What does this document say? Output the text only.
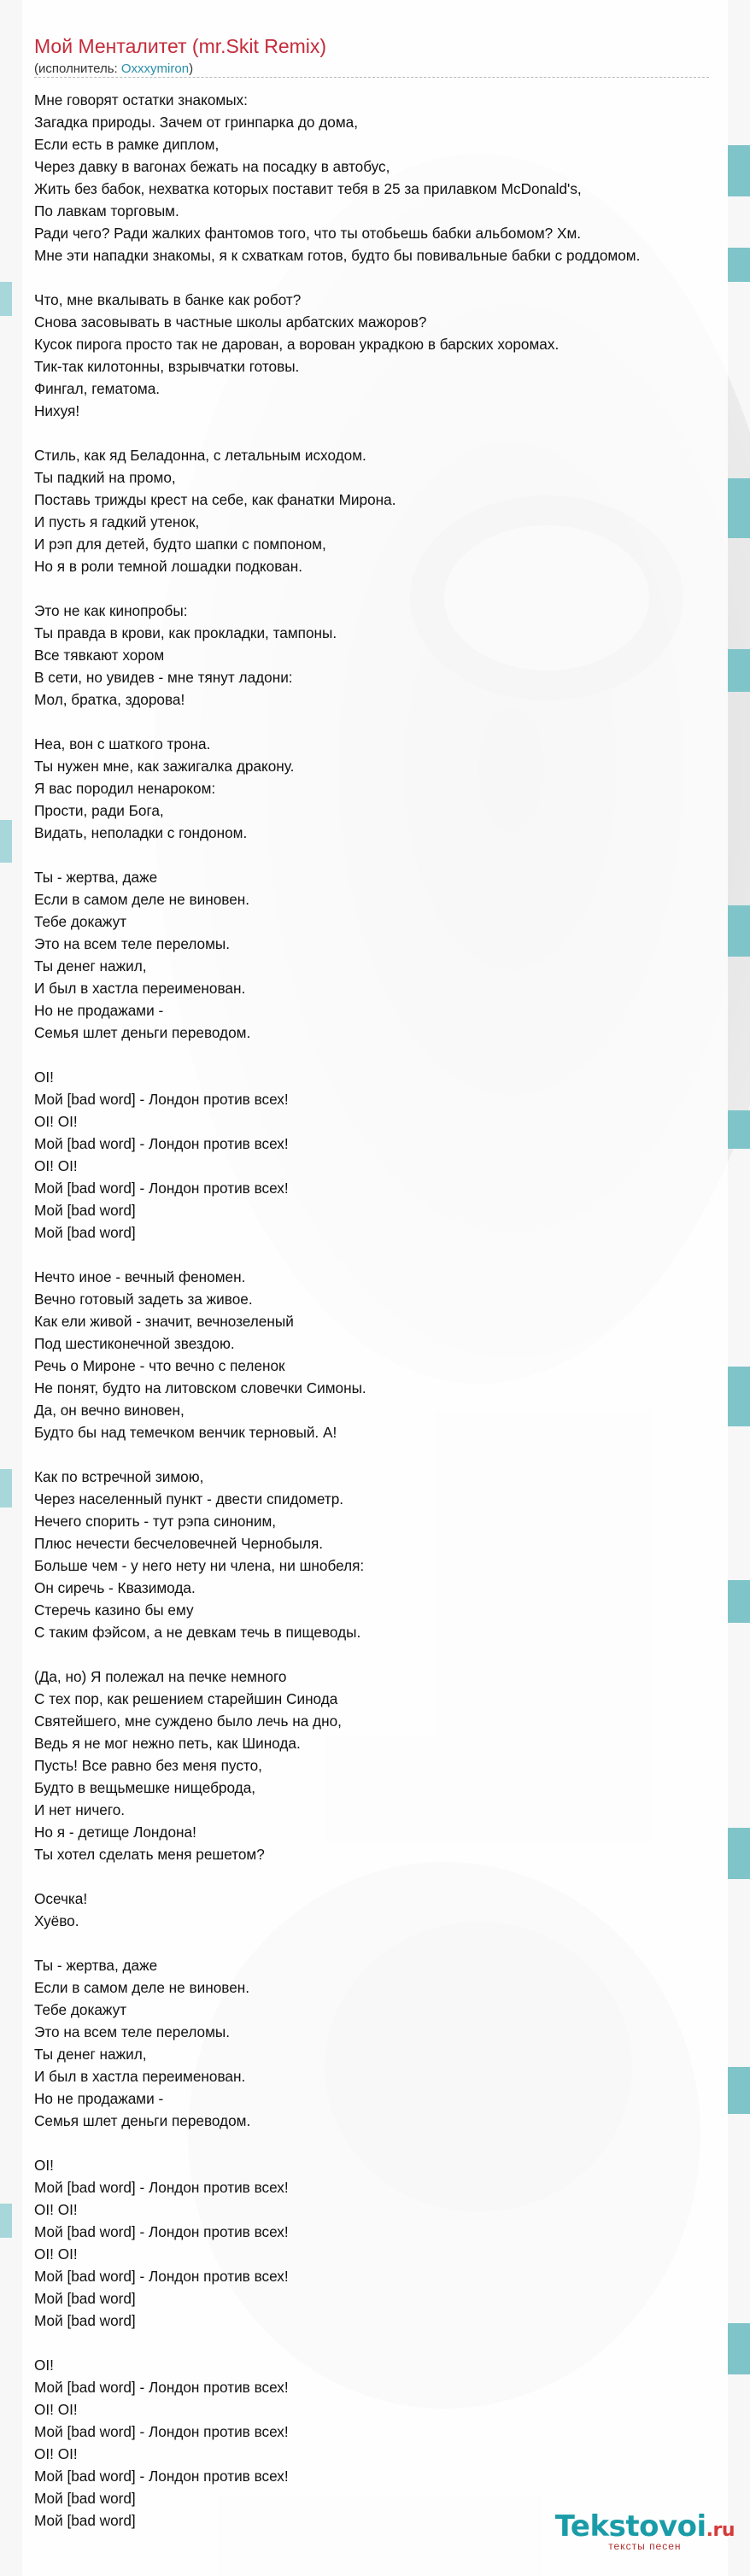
Мой Менталитет (mr.Skit Remix)
(исполнитель: Oxxxymiron)
Мне говорят остатки знакомых:
Загадка природы. Зачем от гринпарка до дома,
Если есть в рамке диплом,
Через давку в вагонах бежать на посадку в автобус,
Жить без бабок, нехватка которых поставит тебя в 25 за прилавком McDonald's,
По лавкам торговым.
Ради чего? Ради жалких фантомов того, что ты отобьешь бабки альбомом? Хм.
Мне эти нападки знакомы, я к схваткам готов, будто бы повивальные бабки с роддомом.

Что, мне вкалывать в банке как робот?
Снова засовывать в частные школы арбатских мажоров?
Кусок пирога просто так не дарован, а ворован украдкою в барских хоромах.
Тик-так килотонны, взрывчатки готовы.
Фингал, гематома.
Нихуя!

Стиль, как яд Беладонна, с летальным исходом.
Ты падкий на промо,
Поставь трижды крест на себе, как фанатки Мирона.
И пусть я гадкий утенок,
И рэп для детей, будто шапки с помпоном,
Но я в роли темной лошадки подкован.

Это не как кинопробы:
Ты правда в крови, как прокладки, тампоны.
Все тявкают хором
В сети, но увидев - мне тянут ладони:
Мол, братка, здорова!

Неа, вон с шаткого трона.
Ты нужен мне, как зажигалка дракону.
Я вас породил ненароком:
Прости, ради Бога,
Видать, неполадки с гондоном.

Ты - жертва, даже
Если в самом деле не виновен.
Тебе докажут
Это на всем теле переломы.
Ты денег нажил,
И был в хастла переименован.
Но не продажами -
Семья шлет деньги переводом.

ОІ!
Мой [bad word] - Лондон против всех!
ОІ! ОІ!
Мой [bad word] - Лондон против всех!
ОІ! ОІ!
Мой [bad word] - Лондон против всех!
Мой [bad word]
Мой [bad word]

Нечто иное - вечный феномен.
Вечно готовый задеть за живое.
Как ели живой - значит, вечнозеленый
Под шестиконечной звездою.
Речь о Мироне - что вечно с пеленок
Не понят, будто на литовском словечки Симоны.
Да, он вечно виновен,
Будто бы над темечком венчик терновый. А!

Как по встречной зимою,
Через населенный пункт - двести спидометр.
Нечего спорить - тут рэпа синоним,
Плюс нечести бесчеловечней Чернобыля.
Больше чем - у него нету ни члена, ни шнобеля:
Он сиречь - Квазимода.
Стеречь казино бы ему
С таким фэйсом, а не девкам течь в пищеводы.

(Да, но) Я полежал на печке немного
С тех пор, как решением старейшин Синода
Святейшего, мне суждено было лечь на дно,
Ведь я не мог нежно петь, как Шинода.
Пусть! Все равно без меня пусто,
Будто в вещьмешке нищеброда,
И нет ничего.
Но я - детище Лондона!
Ты хотел сделать меня решетом?

Осечка!
Хуёво.

Ты - жертва, даже
Если в самом деле не виновен.
Тебе докажут
Это на всем теле переломы.
Ты денег нажил,
И был в хастла переименован.
Но не продажами -
Семья шлет деньги переводом.

ОІ!
Мой [bad word] - Лондон против всех!
ОІ! ОІ!
Мой [bad word] - Лондон против всех!
ОІ! ОІ!
Мой [bad word] - Лондон против всех!
Мой [bad word]
Мой [bad word]

ОІ!
Мой [bad word] - Лондон против всех!
ОІ! ОІ!
Мой [bad word] - Лондон против всех!
ОІ! ОІ!
Мой [bad word] - Лондон против всех!
Мой [bad word]
Мой [bad word]	Tekstovoi.ru
тексты песен
